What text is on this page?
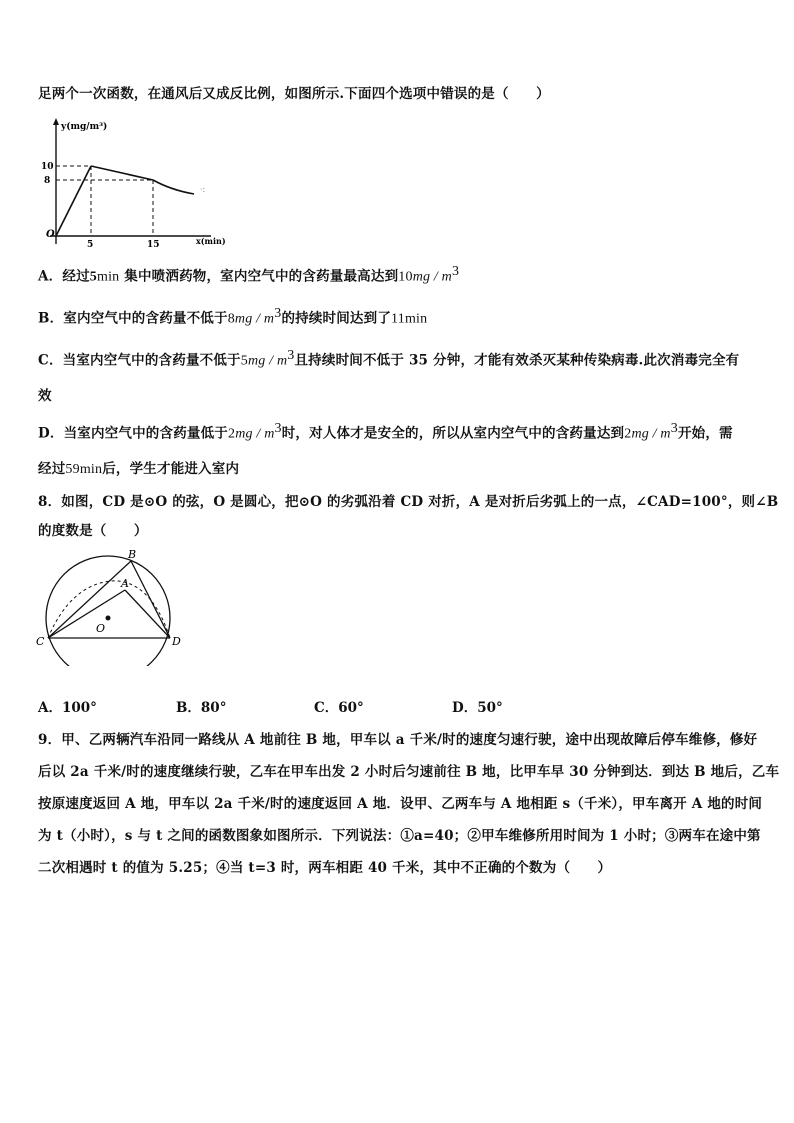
足两个一次函数，在通风后又成反比例，如图所示.下面四个选项中错误的是（　　）
·:
y(mg/m³)
10
8
O
5	15	x(min)
A．经过5min 集中喷洒药物，室内空气中的含药量最高达到$10mg / m^3$
B．室内空气中的含药量不低于$8mg / m^3$的持续时间达到了11min
C．当室内空气中的含药量不低于$5mg / m^3$且持续时间不低于 35 分钟，才能有效杀灭某种传染病毒.此次消毒完全有
效
D．当室内空气中的含药量低于$2mg / m^3$时，对人体才是安全的，所以从室内空气中的含药量达到$2mg / m^3$开始，需
经过59min后，学生才能进入室内
8．如图，CD 是⊙O 的弦，O 是圆心，把⊙O 的劣弧沿着 CD 对折，A 是对折后劣弧上的一点，∠CAD=100°，则∠B
的度数是（　　）
B
A
O
C	D
A．100°	B．80°	C．60°	D．50°
9．甲、乙两辆汽车沿同一路线从 A 地前往 B 地，甲车以 a 千米/时的速度匀速行驶，途中出现故障后停车维修，修好
后以 2a 千米/时的速度继续行驶，乙车在甲车出发 2 小时后匀速前往 B 地，比甲车早 30 分钟到达．到达 B 地后，乙车
按原速度返回 A 地，甲车以 2a 千米/时的速度返回 A 地．设甲、乙两车与 A 地相距 s（千米），甲车离开 A 地的时间
为 t（小时），s 与 t 之间的函数图象如图所示．下列说法：①a=40；②甲车维修所用时间为 1 小时；③两车在途中第
二次相遇时 t 的值为 5.25；④当 t=3 时，两车相距 40 千米，其中不正确的个数为（　　）
